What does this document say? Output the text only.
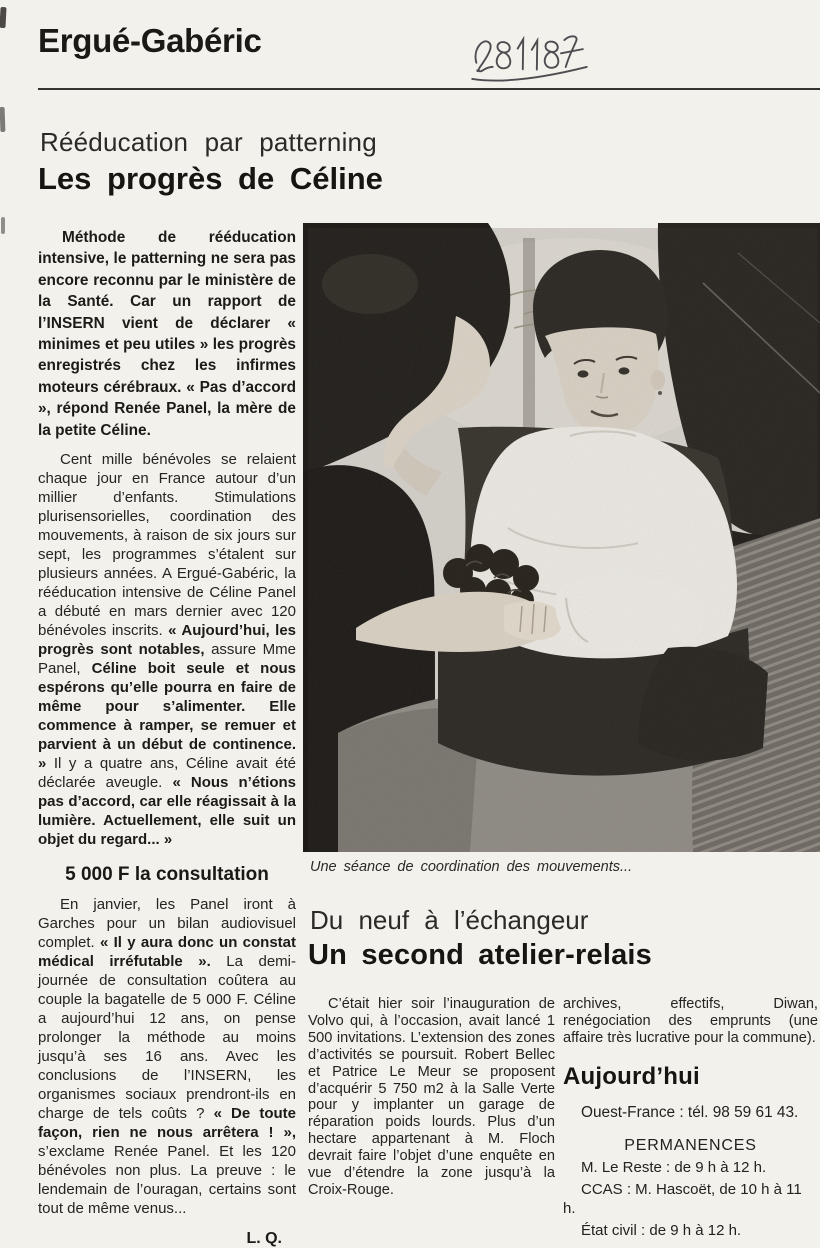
Ergué-Gabéric
Rééducation par patterning
Les progrès de Céline

Méthode de rééducation intensive, le patterning ne sera pas encore reconnu par le ministère de la Santé. Car un rapport de l’INSERN vient de déclarer « minimes et peu utiles » les progrès enregistrés chez les infirmes moteurs cérébraux. « Pas d’accord », répond Renée Panel, la mère de la petite Céline.

Cent mille bénévoles se relaient chaque jour en France autour d’un millier d’enfants. Stimulations plurisensorielles, coordination des mouvements, à raison de six jours sur sept, les programmes s’étalent sur plusieurs années. A Ergué-Gabéric, la rééducation intensive de Céline Panel a débuté en mars dernier avec 120 bénévoles inscrits. « Aujourd’hui, les progrès sont notables, assure Mme Panel, Céline boit seule et nous espérons qu’elle pourra en faire de même pour s’alimenter. Elle commence à ramper, se remuer et parvient à un début de continence. » Il y a quatre ans, Céline avait été déclarée aveugle. « Nous n’étions pas d’accord, car elle réagissait à la lumière. Actuellement, elle suit un objet du regard... »

5 000 F la consultation

En janvier, les Panel iront à Garches pour un bilan audiovisuel complet. « Il y aura donc un constat médical irréfutable ». La demi-journée de consultation coûtera au couple la bagatelle de 5 000 F. Céline a aujourd’hui 12 ans, on pense prolonger la méthode au moins jusqu’à ses 16 ans. Avec les conclusions de l’INSERN, les organismes sociaux prendront-ils en charge de tels coûts ? « De toute façon, rien ne nous arrêtera ! », s’exclame Renée Panel. Et les 120 bénévoles non plus. La preuve : le lendemain de l’ouragan, certains sont tout de même venus...

L. Q.
Une séance de coordination des mouvements...
Du neuf à l’échangeur
Un second atelier-relais
C’était hier soir l’inauguration de Volvo qui, à l’occasion, avait lancé 1 500 invitations. L’extension des zones d’activités se poursuit. Robert Bellec et Patrice Le Meur se proposent d’acquérir 5 750 m2 à la Salle Verte pour y implanter un garage de réparation poids lourds. Plus d’un hectare appartenant à M. Floch devrait faire l’objet d’une enquête en vue d’étendre la zone jusqu’à la Croix-Rouge.

archives, effectifs, Diwan, renégociation des emprunts (une affaire très lucrative pour la commune).

Aujourd’hui

Ouest-France : tél. 98 59 61 43.

PERMANENCES

M. Le Reste : de 9 h à 12 h.

CCAS : M. Hascoët, de 10 h à 11 h.

État civil : de 9 h à 12 h.
